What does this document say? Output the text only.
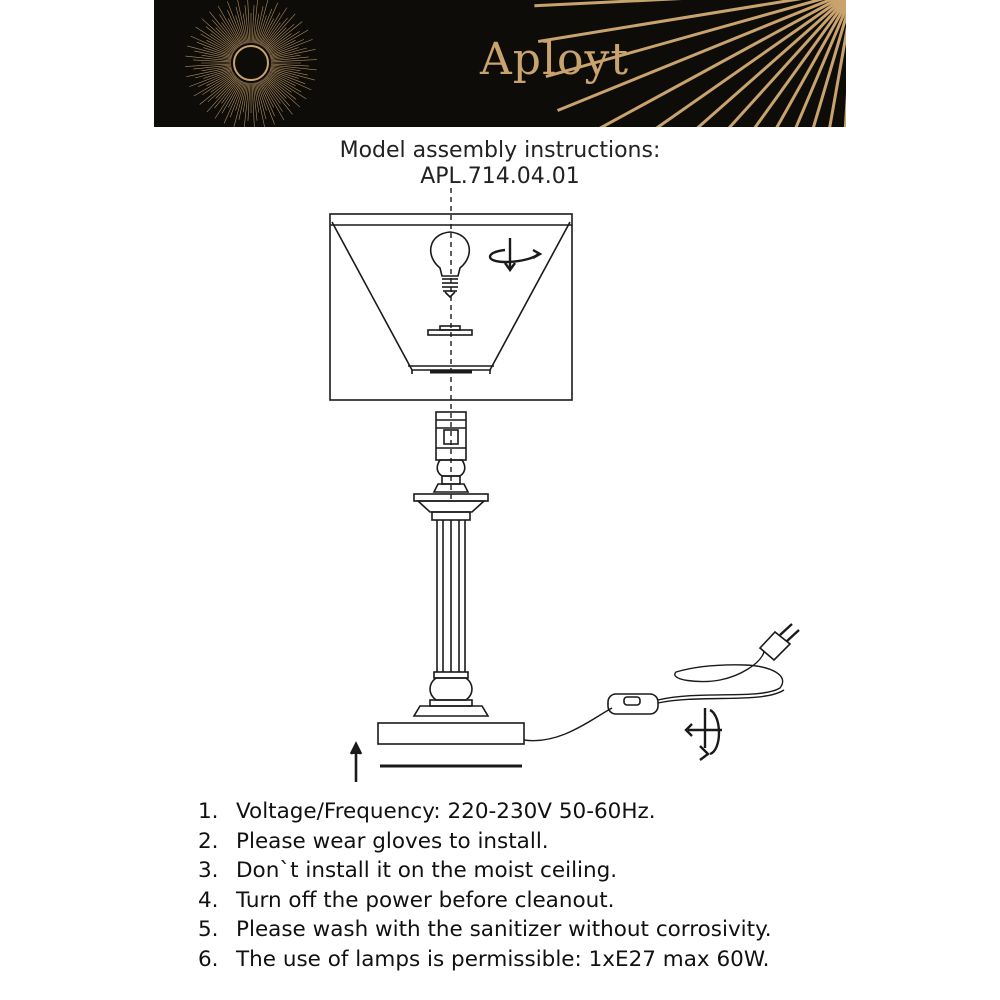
Aployt
Model assembly instructions:
APL.714.04.01
1. Voltage/Frequency: 220-230V 50-60Hz.
2. Please wear gloves to install.
3. Don`t install it on the moist ceiling.
4. Turn off the power before cleanout.
5. Please wash with the sanitizer without corrosivity.
6. The use of lamps is permissible: 1xE27 max 60W.
